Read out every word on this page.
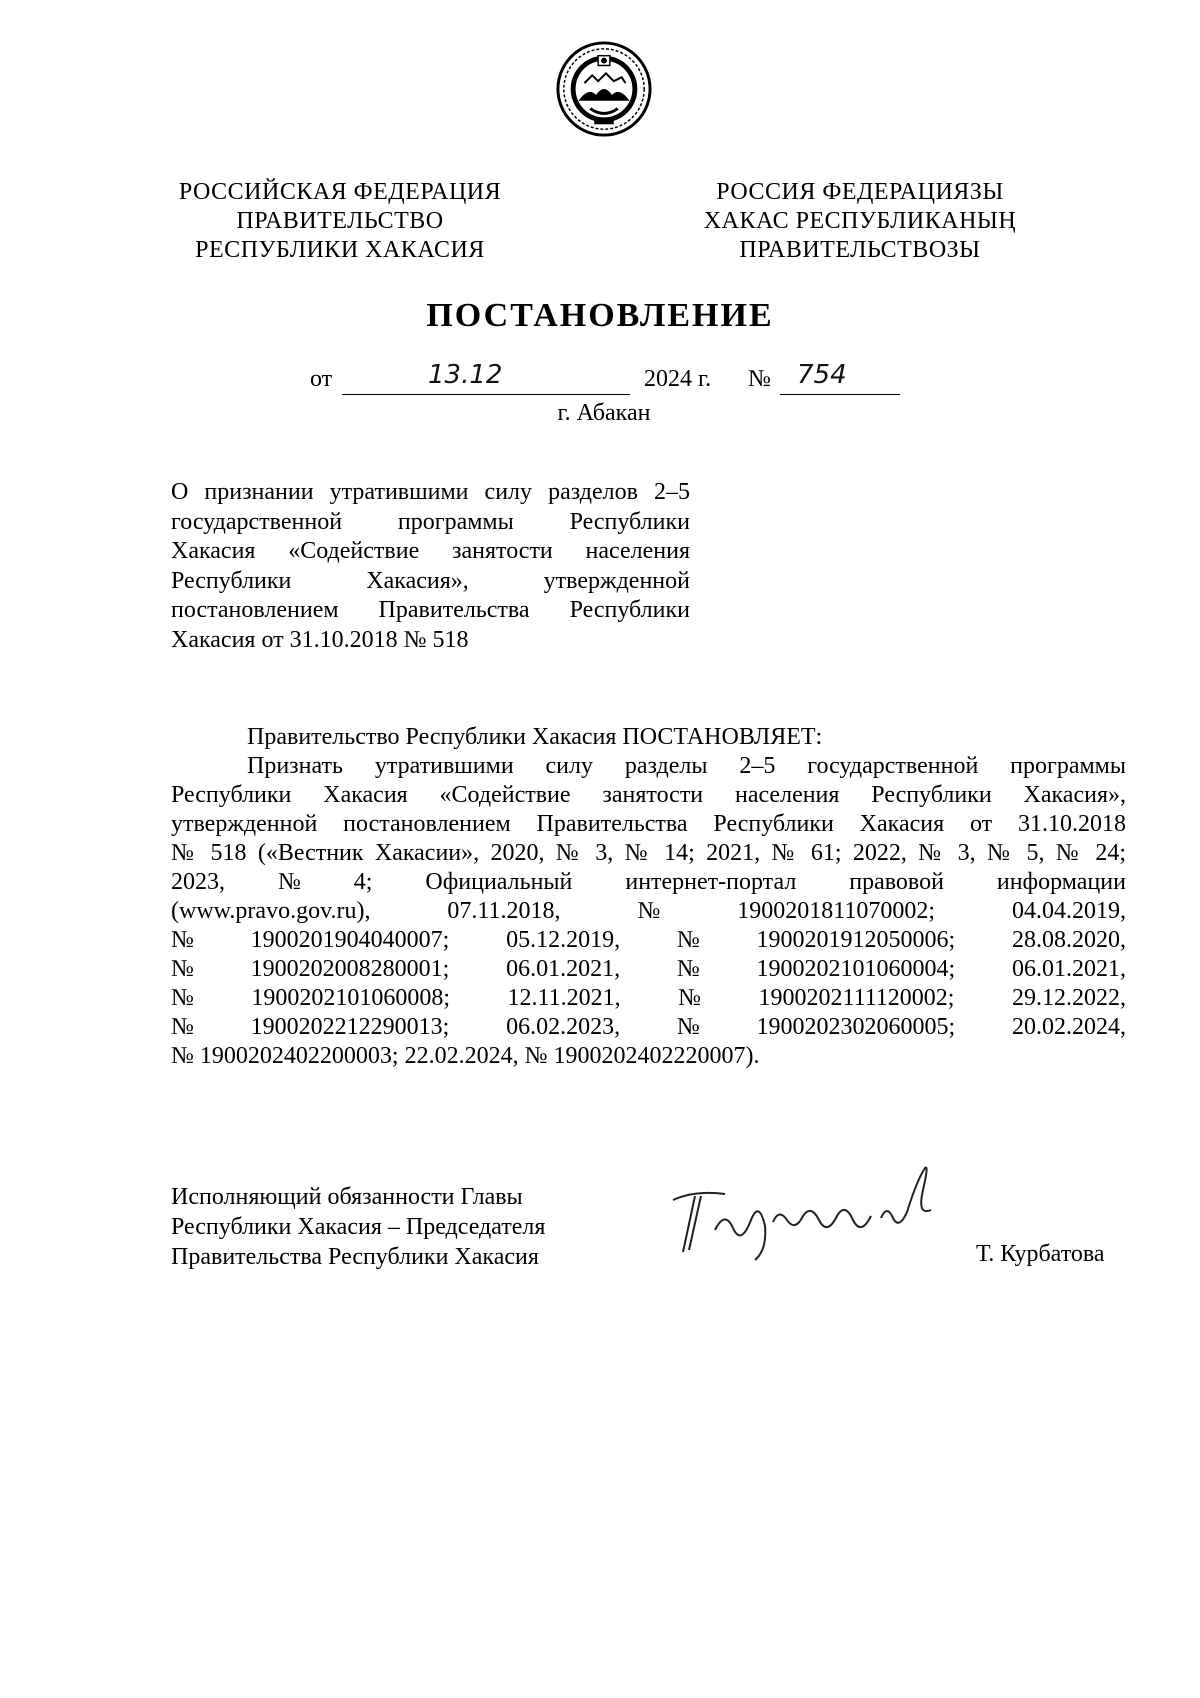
РОССИЙСКАЯ ФЕДЕРАЦИЯ
ПРАВИТЕЛЬСТВО
РЕСПУБЛИКИ ХАКАСИЯ
РОССИЯ ФЕДЕРАЦИЯЗЫ
ХАКАС РЕСПУБЛИКАНЫҢ
ПРАВИТЕЛЬСТВОЗЫ
ПОСТАНОВЛЕНИЕ
от	13.12	2024 г. № 754
г. Абакан
О признании утратившими силу разделов 2–5
государственной программы Республики
Хакасия «Содействие занятости населения
Республики Хакасия», утвержденной
постановлением Правительства Республики
Хакасия от 31.10.2018 № 518
Правительство Республики Хакасия ПОСТАНОВЛЯЕТ:
Признать утратившими силу разделы 2–5 государственной программы
Республики Хакасия «Содействие занятости населения Республики Хакасия»,
утвержденной постановлением Правительства Республики Хакасия от 31.10.2018
№ 518 («Вестник Хакасии», 2020, № 3, № 14; 2021, № 61; 2022, № 3, № 5, № 24;
2023, № 4; Официальный интернет-портал правовой информации
(www.pravo.gov.ru),	07.11.2018,	№	1900201811070002;	04.04.2019,
№ 1900201904040007; 05.12.2019, № 1900201912050006; 28.08.2020,
№ 1900202008280001; 06.01.2021, № 1900202101060004; 06.01.2021,
№ 1900202101060008; 12.11.2021, № 1900202111120002; 29.12.2022,
№ 1900202212290013; 06.02.2023, № 1900202302060005; 20.02.2024,
№ 1900202402200003; 22.02.2024, № 1900202402220007).
Исполняющий обязанности Главы
Республики Хакасия – Председателя
Правительства Республики Хакасия	Т. Курбатова
